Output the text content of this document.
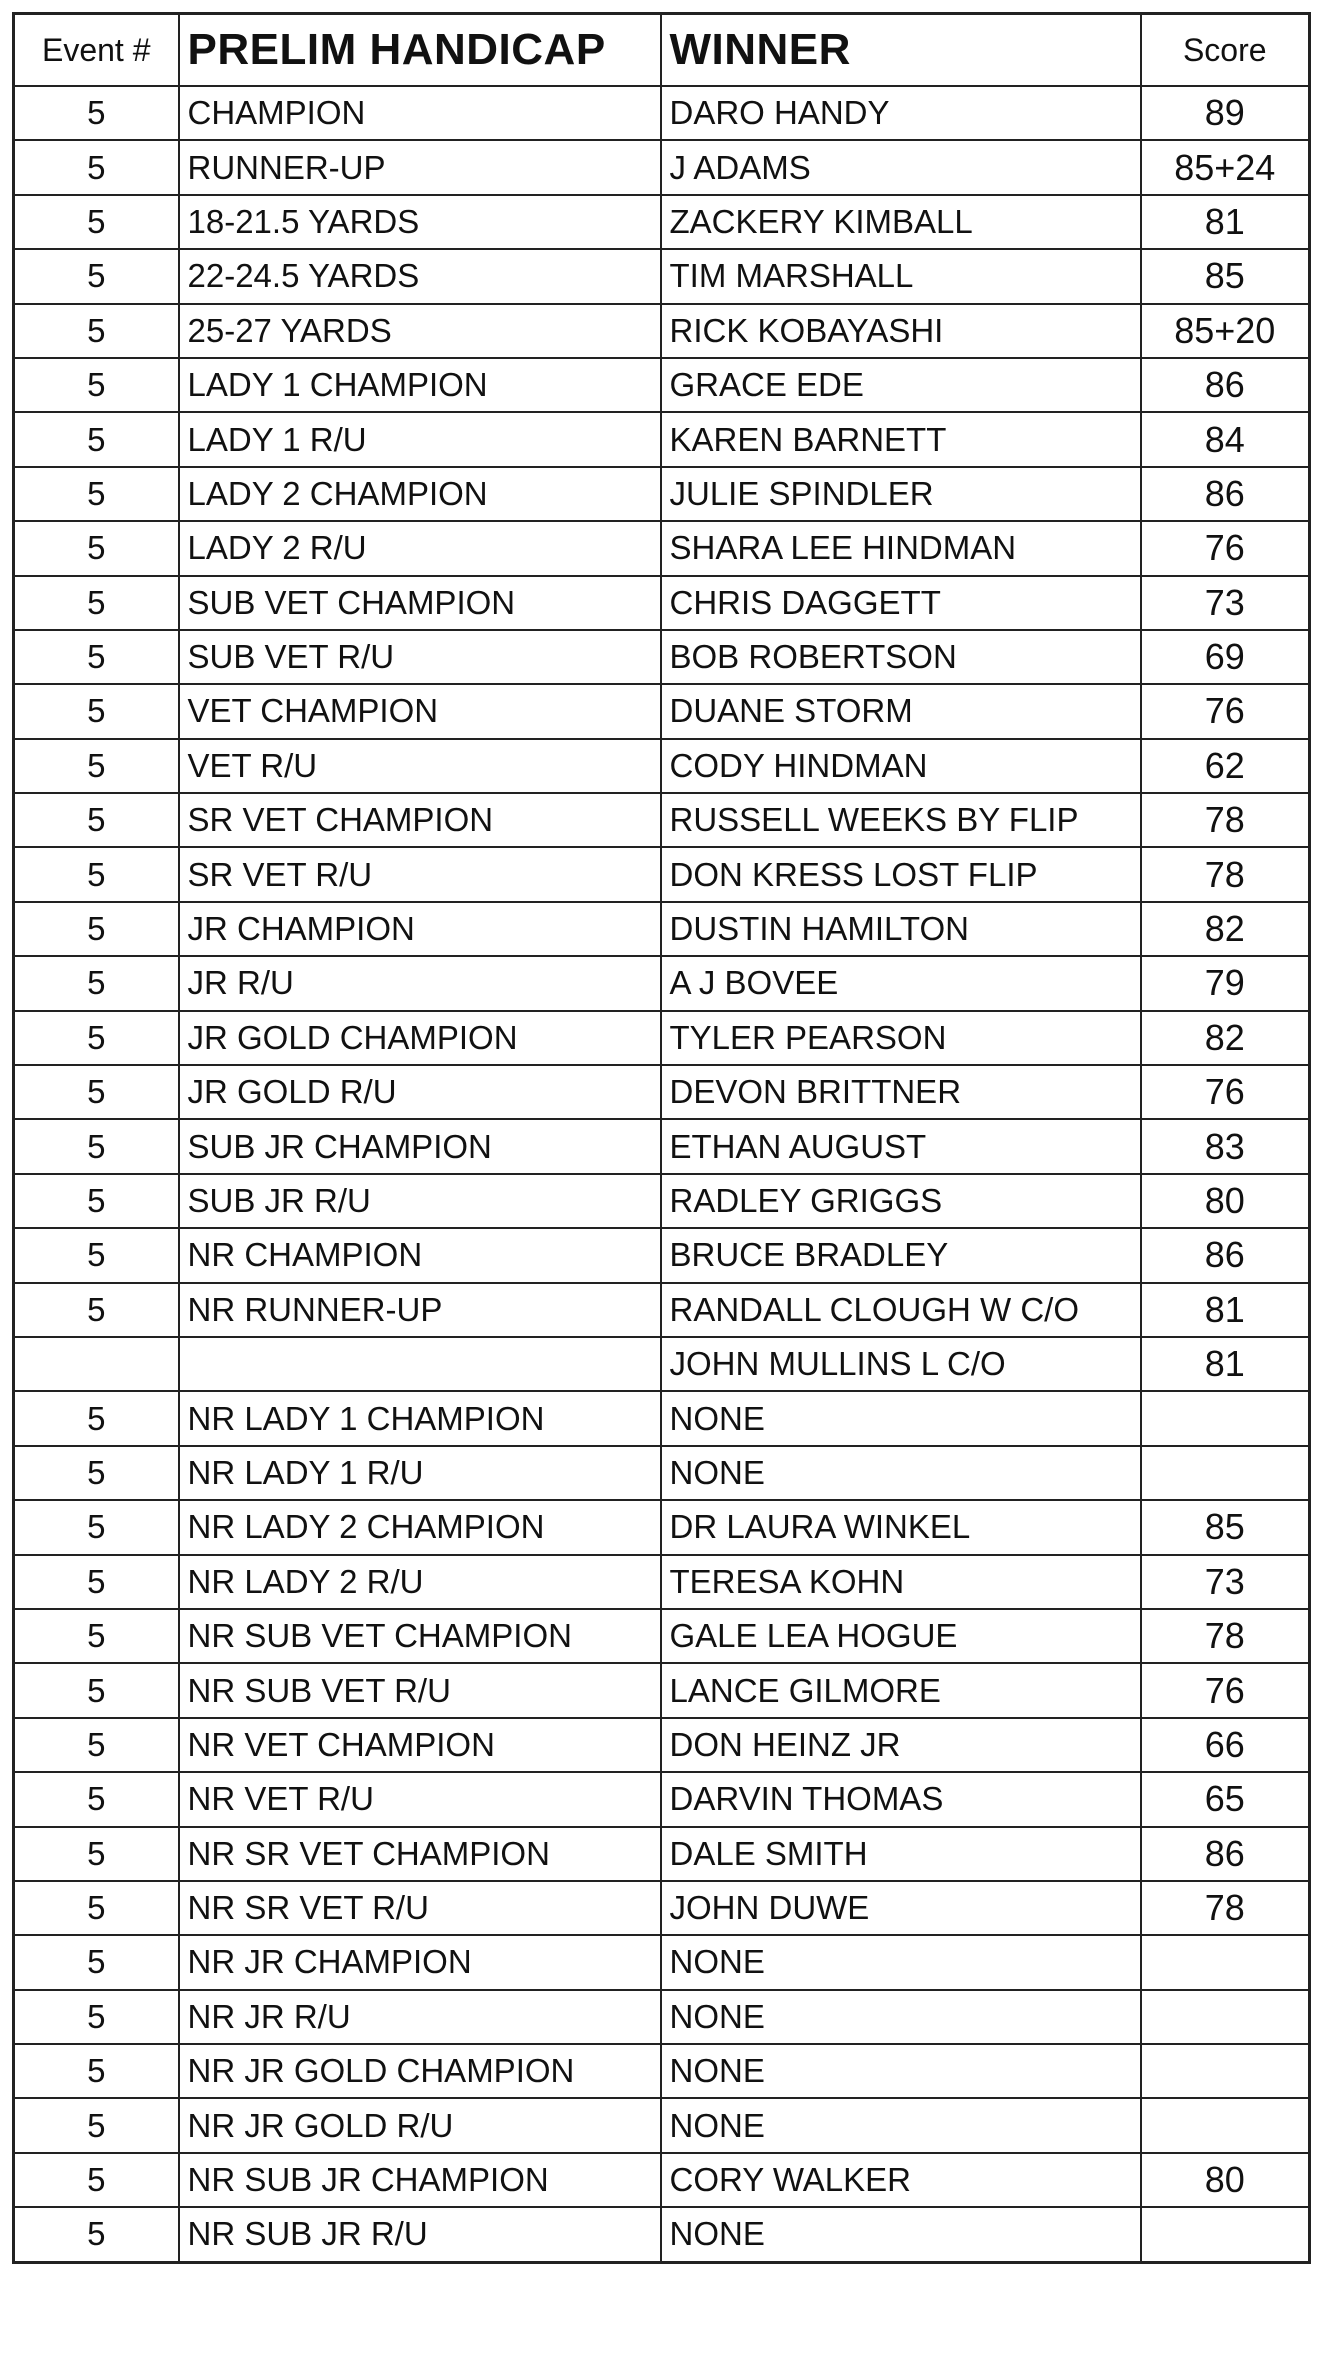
Event #	PRELIM HANDICAP	WINNER	Score
5	CHAMPION	DARO HANDY	89
5	RUNNER-UP	J ADAMS	85+24
5	18-21.5 YARDS	ZACKERY KIMBALL	81
5	22-24.5 YARDS	TIM MARSHALL	85
5	25-27 YARDS	RICK KOBAYASHI	85+20
5	LADY 1 CHAMPION	GRACE EDE	86
5	LADY 1 R/U	KAREN BARNETT	84
5	LADY 2 CHAMPION	JULIE SPINDLER	86
5	LADY 2 R/U	SHARA LEE HINDMAN	76
5	SUB VET CHAMPION	CHRIS DAGGETT	73
5	SUB VET R/U	BOB ROBERTSON	69
5	VET CHAMPION	DUANE STORM	76
5	VET R/U	CODY HINDMAN	62
5	SR VET CHAMPION	RUSSELL WEEKS BY FLIP	78
5	SR VET R/U	DON KRESS LOST FLIP	78
5	JR CHAMPION	DUSTIN HAMILTON	82
5	JR R/U	A J BOVEE	79
5	JR GOLD CHAMPION	TYLER PEARSON	82
5	JR GOLD R/U	DEVON BRITTNER	76
5	SUB JR CHAMPION	ETHAN AUGUST	83
5	SUB JR R/U	RADLEY GRIGGS	80
5	NR CHAMPION	BRUCE BRADLEY	86
5	NR RUNNER-UP	RANDALL CLOUGH W C/O	81
		JOHN MULLINS L C/O	81
5	NR LADY 1 CHAMPION	NONE	
5	NR LADY 1 R/U	NONE	
5	NR LADY 2 CHAMPION	DR LAURA WINKEL	85
5	NR LADY 2 R/U	TERESA KOHN	73
5	NR SUB VET CHAMPION	GALE LEA HOGUE	78
5	NR SUB VET R/U	LANCE GILMORE	76
5	NR VET CHAMPION	DON HEINZ JR	66
5	NR VET R/U	DARVIN THOMAS	65
5	NR SR VET CHAMPION	DALE SMITH	86
5	NR SR VET R/U	JOHN DUWE	78
5	NR JR CHAMPION	NONE	
5	NR JR R/U	NONE	
5	NR JR GOLD CHAMPION	NONE	
5	NR JR GOLD R/U	NONE	
5	NR SUB JR CHAMPION	CORY WALKER	80
5	NR SUB JR R/U	NONE	
